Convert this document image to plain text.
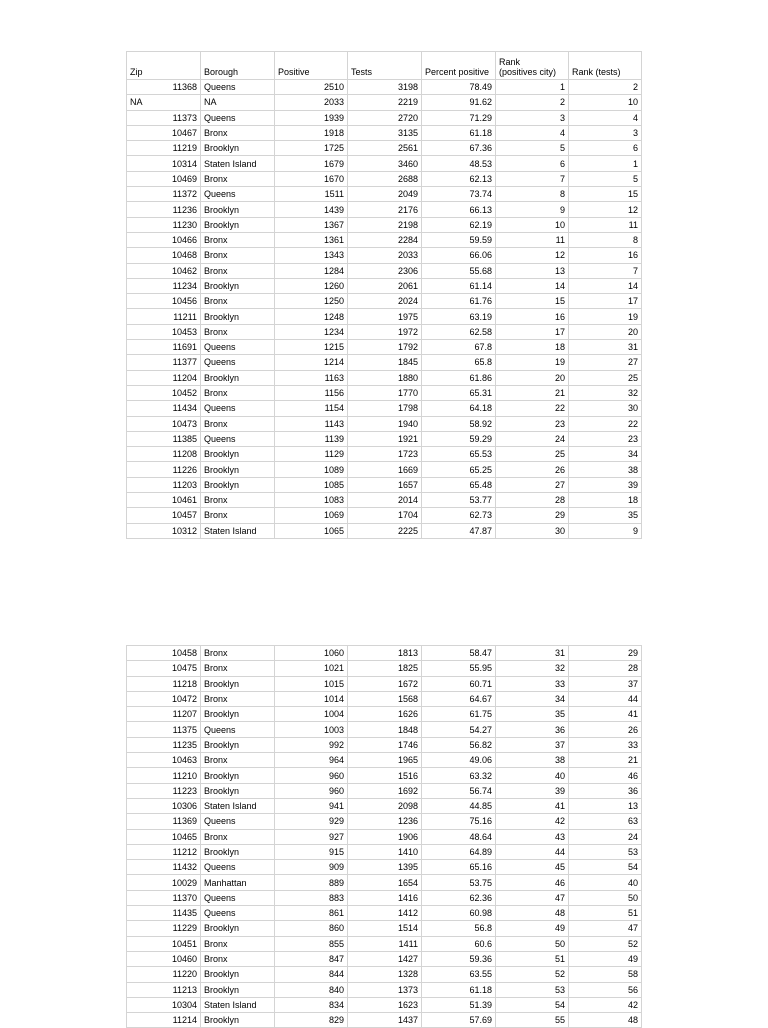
Zip	Borough	Positive	Tests	Percent positive	Rank
(positives city)	Rank (tests)
11368	Queens	2510	3198	78.49	1	2
NA	NA	2033	2219	91.62	2	10
11373	Queens	1939	2720	71.29	3	4
10467	Bronx	1918	3135	61.18	4	3
11219	Brooklyn	1725	2561	67.36	5	6
10314	Staten Island	1679	3460	48.53	6	1
10469	Bronx	1670	2688	62.13	7	5
11372	Queens	1511	2049	73.74	8	15
11236	Brooklyn	1439	2176	66.13	9	12
11230	Brooklyn	1367	2198	62.19	10	11
10466	Bronx	1361	2284	59.59	11	8
10468	Bronx	1343	2033	66.06	12	16
10462	Bronx	1284	2306	55.68	13	7
11234	Brooklyn	1260	2061	61.14	14	14
10456	Bronx	1250	2024	61.76	15	17
11211	Brooklyn	1248	1975	63.19	16	19
10453	Bronx	1234	1972	62.58	17	20
11691	Queens	1215	1792	67.8	18	31
11377	Queens	1214	1845	65.8	19	27
11204	Brooklyn	1163	1880	61.86	20	25
10452	Bronx	1156	1770	65.31	21	32
11434	Queens	1154	1798	64.18	22	30
10473	Bronx	1143	1940	58.92	23	22
11385	Queens	1139	1921	59.29	24	23
11208	Brooklyn	1129	1723	65.53	25	34
11226	Brooklyn	1089	1669	65.25	26	38
11203	Brooklyn	1085	1657	65.48	27	39
10461	Bronx	1083	2014	53.77	28	18
10457	Bronx	1069	1704	62.73	29	35
10312	Staten Island	1065	2225	47.87	30	9
10458	Bronx	1060	1813	58.47	31	29
10475	Bronx	1021	1825	55.95	32	28
11218	Brooklyn	1015	1672	60.71	33	37
10472	Bronx	1014	1568	64.67	34	44
11207	Brooklyn	1004	1626	61.75	35	41
11375	Queens	1003	1848	54.27	36	26
11235	Brooklyn	992	1746	56.82	37	33
10463	Bronx	964	1965	49.06	38	21
11210	Brooklyn	960	1516	63.32	40	46
11223	Brooklyn	960	1692	56.74	39	36
10306	Staten Island	941	2098	44.85	41	13
11369	Queens	929	1236	75.16	42	63
10465	Bronx	927	1906	48.64	43	24
11212	Brooklyn	915	1410	64.89	44	53
11432	Queens	909	1395	65.16	45	54
10029	Manhattan	889	1654	53.75	46	40
11370	Queens	883	1416	62.36	47	50
11435	Queens	861	1412	60.98	48	51
11229	Brooklyn	860	1514	56.8	49	47
10451	Bronx	855	1411	60.6	50	52
10460	Bronx	847	1427	59.36	51	49
11220	Brooklyn	844	1328	63.55	52	58
11213	Brooklyn	840	1373	61.18	53	56
10304	Staten Island	834	1623	51.39	54	42
11214	Brooklyn	829	1437	57.69	55	48
